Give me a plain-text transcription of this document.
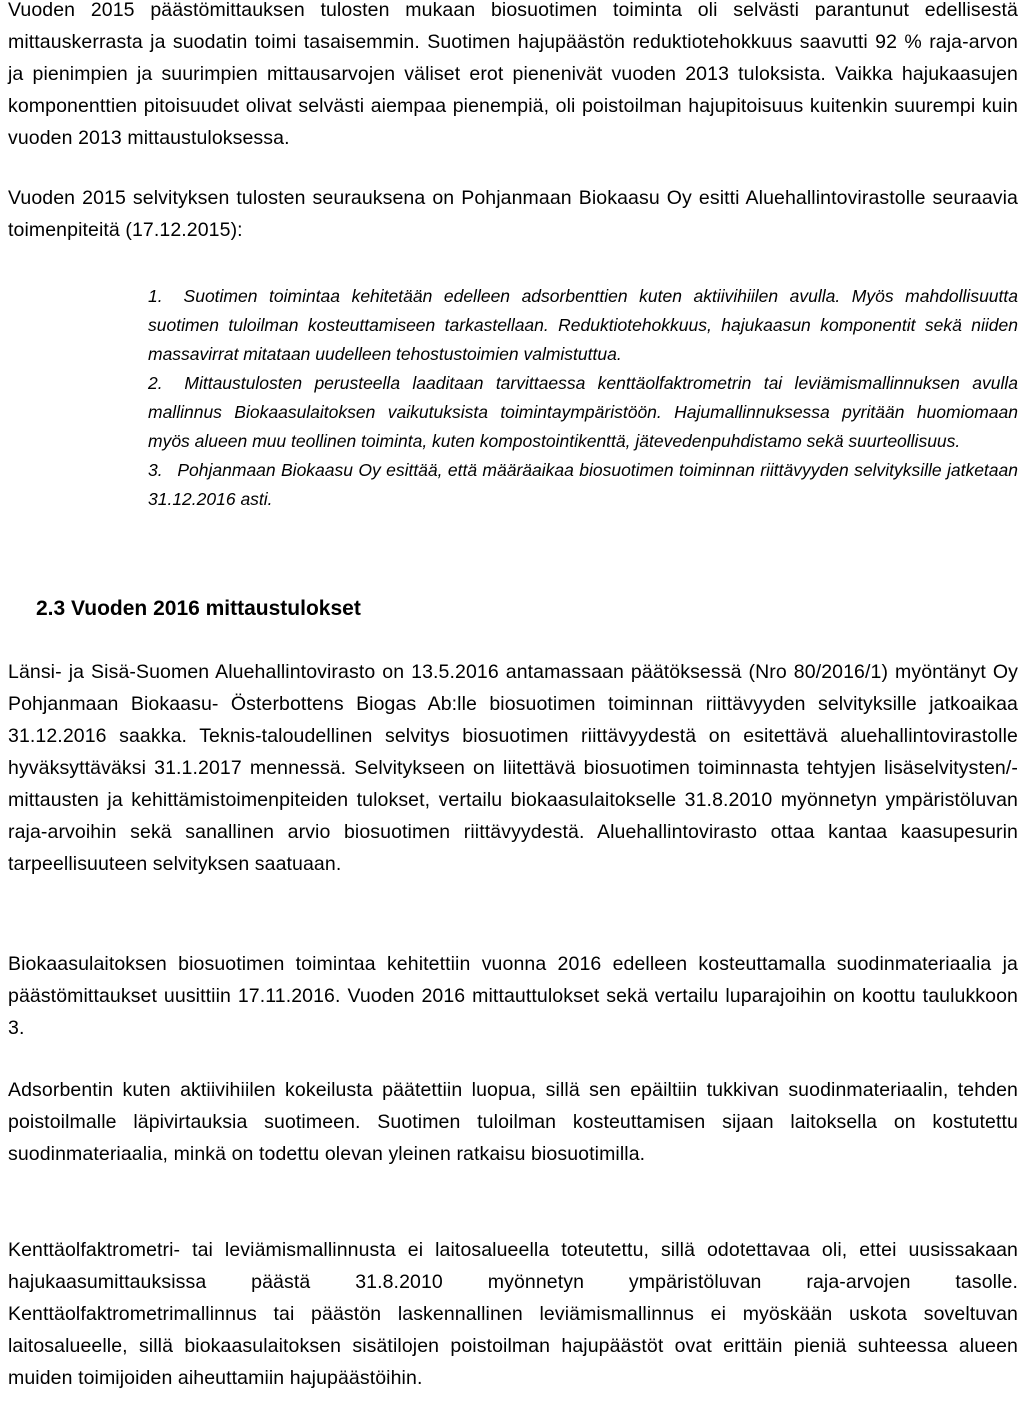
Vuoden 2015 päästömittauksen tulosten mukaan biosuotimen toiminta oli selvästi parantunut edellisestä mittauskerrasta ja suodatin toimi tasaisemmin. Suotimen hajupäästön reduktiotehokkuus saavutti 92 % raja-arvon ja pienimpien ja suurimpien mittausarvojen väliset erot pienenivät vuoden 2013 tuloksista. Vaikka hajukaasujen komponenttien pitoisuudet olivat selvästi aiempaa pienempiä, oli poistoilman hajupitoisuus kuitenkin suurempi kuin vuoden 2013 mittaustuloksessa.

Vuoden 2015 selvityksen tulosten seurauksena on Pohjanmaan Biokaasu Oy esitti Aluehallintovirastolle seuraavia toimenpiteitä (17.12.2015):

1. Suotimen toimintaa kehitetään edelleen adsorbenttien kuten aktiivihiilen avulla. Myös mahdollisuutta suotimen tuloilman kosteuttamiseen tarkastellaan. Reduktiotehokkuus, hajukaasun komponentit sekä niiden massavirrat mitataan uudelleen tehostustoimien valmistuttua.
2. Mittaustulosten perusteella laaditaan tarvittaessa kenttäolfaktrometrin tai leviämismallinnuksen avulla mallinnus Biokaasulaitoksen vaikutuksista toimintaympäristöön. Hajumallinnuksessa pyritään huomiomaan myös alueen muu teollinen toiminta, kuten kompostointikenttä, jätevedenpuhdistamo sekä suurteollisuus.
3. Pohjanmaan Biokaasu Oy esittää, että määräaikaa biosuotimen toiminnan riittävyyden selvityksille jatketaan 31.12.2016 asti.
2.3 Vuoden 2016 mittaustulokset

Länsi- ja Sisä-Suomen Aluehallintovirasto on 13.5.2016 antamassaan päätöksessä (Nro 80/2016/1) myöntänyt Oy Pohjanmaan Biokaasu- Österbottens Biogas Ab:lle biosuotimen toiminnan riittävyyden selvityksille jatkoaikaa 31.12.2016 saakka. Teknis-taloudellinen selvitys biosuotimen riittävyydestä on esitettävä aluehallintovirastolle hyväksyttäväksi 31.1.2017 mennessä. Selvitykseen on liitettävä biosuotimen toiminnasta tehtyjen lisäselvitysten/-mittausten ja kehittämistoimenpiteiden tulokset, vertailu biokaasulaitokselle 31.8.2010 myönnetyn ympäristöluvan raja-arvoihin sekä sanallinen arvio biosuotimen riittävyydestä. Aluehallintovirasto ottaa kantaa kaasupesurin tarpeellisuuteen selvityksen saatuaan.

Biokaasulaitoksen biosuotimen toimintaa kehitettiin vuonna 2016 edelleen kosteuttamalla suodinmateriaalia ja päästömittaukset uusittiin 17.11.2016. Vuoden 2016 mittauttulokset sekä vertailu luparajoihin on koottu taulukkoon 3.

Adsorbentin kuten aktiivihiilen kokeilusta päätettiin luopua, sillä sen epäiltiin tukkivan suodinmateriaalin, tehden poistoilmalle läpivirtauksia suotimeen. Suotimen tuloilman kosteuttamisen sijaan laitoksella on kostutettu suodinmateriaalia, minkä on todettu olevan yleinen ratkaisu biosuotimilla.

Kenttäolfaktrometri- tai leviämismallinnusta ei laitosalueella toteutettu, sillä odotettavaa oli, ettei uusissakaan hajukaasumittauksissa päästä 31.8.2010 myönnetyn ympäristöluvan raja-arvojen tasolle. Kenttäolfaktrometrimallinnus tai päästön laskennallinen leviämismallinnus ei myöskään uskota soveltuvan laitosalueelle, sillä biokaasulaitoksen sisätilojen poistoilman hajupäästöt ovat erittäin pieniä suhteessa alueen muiden toimijoiden aiheuttamiin hajupäästöihin.
